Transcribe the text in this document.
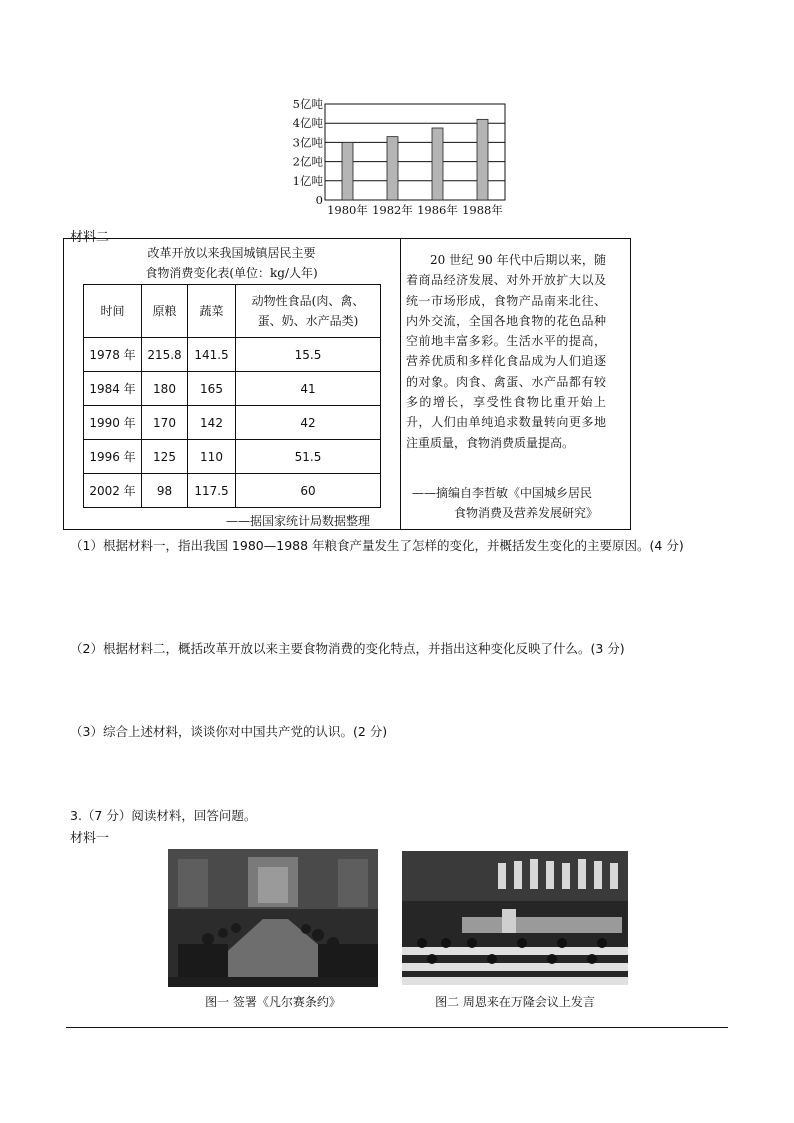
0
1亿吨
2亿吨
3亿吨
4亿吨
5亿吨
1980年 1982年 1986年 1988年
材料二
改革开放以来我国城镇居民主要
食物消费变化表(单位：kg/人年)
时间	原粮	蔬菜	动物性食品(肉、禽、蛋、奶、水产品类)
1978 年	215.8	141.5	15.5
1984 年	180	165	41
1990 年	170	142	42
1996 年	125	110	51.5
2002 年	98	117.5	60
——据国家统计局数据整理

20 世纪 90 年代中后期以来，随着商品经济发展、对外开放扩大以及统一市场形成，食物产品南来北往、内外交流，全国各地食物的花色品种空前地丰富多彩。生活水平的提高，营养优质和多样化食品成为人们追逐的对象。肉食、禽蛋、水产品都有较多的增长，享受性食物比重开始上升，人们由单纯追求数量转向更多地注重质量，食物消费质量提高。

——摘编自李哲敏《中国城乡居民
食物消费及营养发展研究》
（1）根据材料一，指出我国 1980—1988 年粮食产量发生了怎样的变化，并概括发生变化的主要原因。(4 分)
（2）根据材料二，概括改革开放以来主要食物消费的变化特点，并指出这种变化反映了什么。(3 分)
（3）综合上述材料，谈谈你对中国共产党的认识。(2 分)
3.（7 分）阅读材料，回答问题。
材料一
图一 签署《凡尔赛条约》	图二 周恩来在万隆会议上发言
